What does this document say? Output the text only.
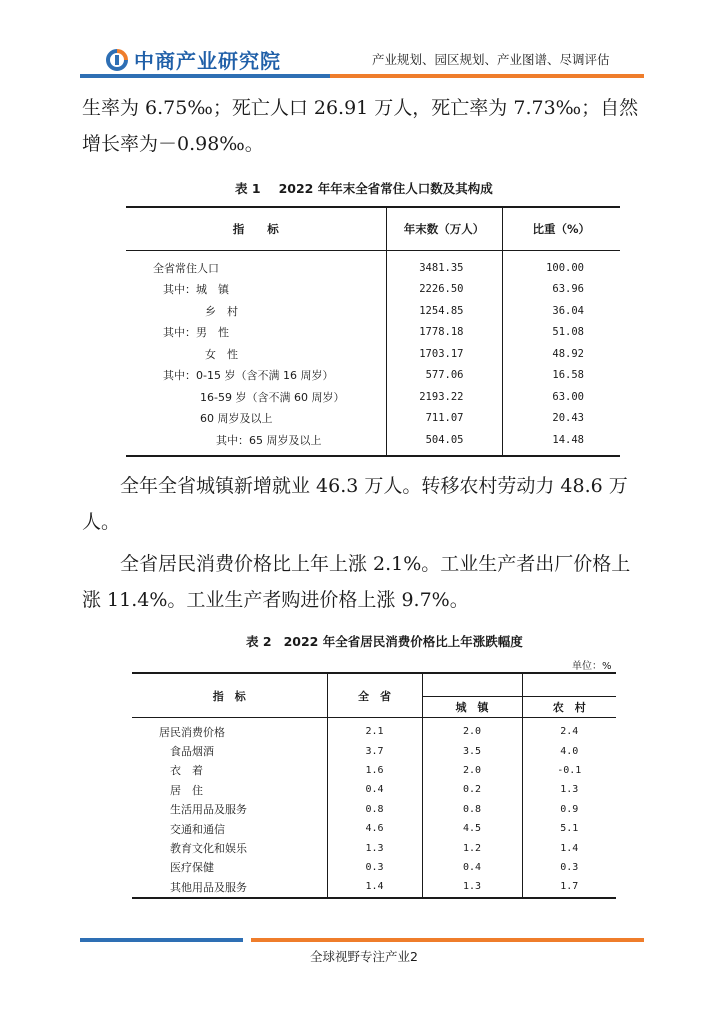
中商产业研究院	产业规划、园区规划、产业图谱、尽调评估
生率为 6.75‰；死亡人口 26.91 万人，死亡率为 7.73‰；自然增长率为－0.98‰。
表 1 2022 年年末全省常住人口数及其构成
指　　标	年末数（万人）	比重（%）
全省常住人口	3481.35	100.00
其中：城　镇	2226.50	63.96
乡　村	1254.85	36.04
其中：男　性	1778.18	51.08
女　性	1703.17	48.92
其中：0-15 岁（含不满 16 周岁）	577.06	16.58
16-59 岁（含不满 60 周岁）	2193.22	63.00
60 周岁及以上	711.07	20.43
其中：65 周岁及以上	504.05	14.48
全年全省城镇新增就业 46.3 万人。转移农村劳动力 48.6 万人。
全省居民消费价格比上年上涨 2.1%。工业生产者出厂价格上涨 11.4%。工业生产者购进价格上涨 9.7%。
表 2 2022 年全省居民消费价格比上年涨跌幅度
单位：%
指　标	全　省		
		城　镇	农　村
居民消费价格	2.1	2.0	2.4
食品烟酒	3.7	3.5	4.0
衣　着	1.6	2.0	-0.1
居　住	0.4	0.2	1.3
生活用品及服务	0.8	0.8	0.9
交通和通信	4.6	4.5	5.1
教育文化和娱乐	1.3	1.2	1.4
医疗保健	0.3	0.4	0.3
其他用品及服务	1.4	1.3	1.7
全球视野专注产业2
